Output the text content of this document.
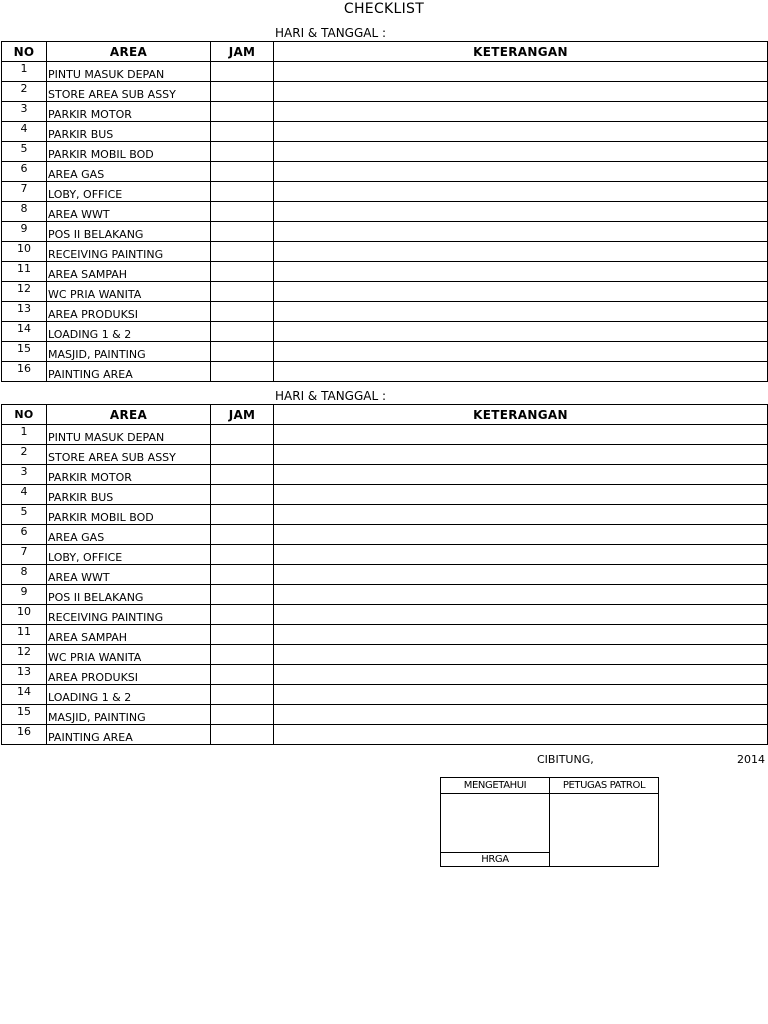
CHECKLIST
HARI & TANGGAL :
NO	AREA	JAM	KETERANGAN
1	PINTU MASUK DEPAN		
2	STORE AREA SUB ASSY		
3	PARKIR MOTOR		
4	PARKIR BUS		
5	PARKIR MOBIL BOD		
6	AREA GAS		
7	LOBY, OFFICE		
8	AREA WWT		
9	POS II BELAKANG		
10	RECEIVING PAINTING		
11	AREA SAMPAH		
12	WC PRIA WANITA		
13	AREA PRODUKSI		
14	LOADING 1 & 2		
15	MASJID, PAINTING		
16	PAINTING AREA		
HARI & TANGGAL :
NO	AREA	JAM	KETERANGAN
1	PINTU MASUK DEPAN		
2	STORE AREA SUB ASSY		
3	PARKIR MOTOR		
4	PARKIR BUS		
5	PARKIR MOBIL BOD		
6	AREA GAS		
7	LOBY, OFFICE		
8	AREA WWT		
9	POS II BELAKANG		
10	RECEIVING PAINTING		
11	AREA SAMPAH		
12	WC PRIA WANITA		
13	AREA PRODUKSI		
14	LOADING 1 & 2		
15	MASJID, PAINTING		
16	PAINTING AREA		
CIBITUNG,	2014
MENGETAHUI	PETUGAS PATROL

HRGA	
